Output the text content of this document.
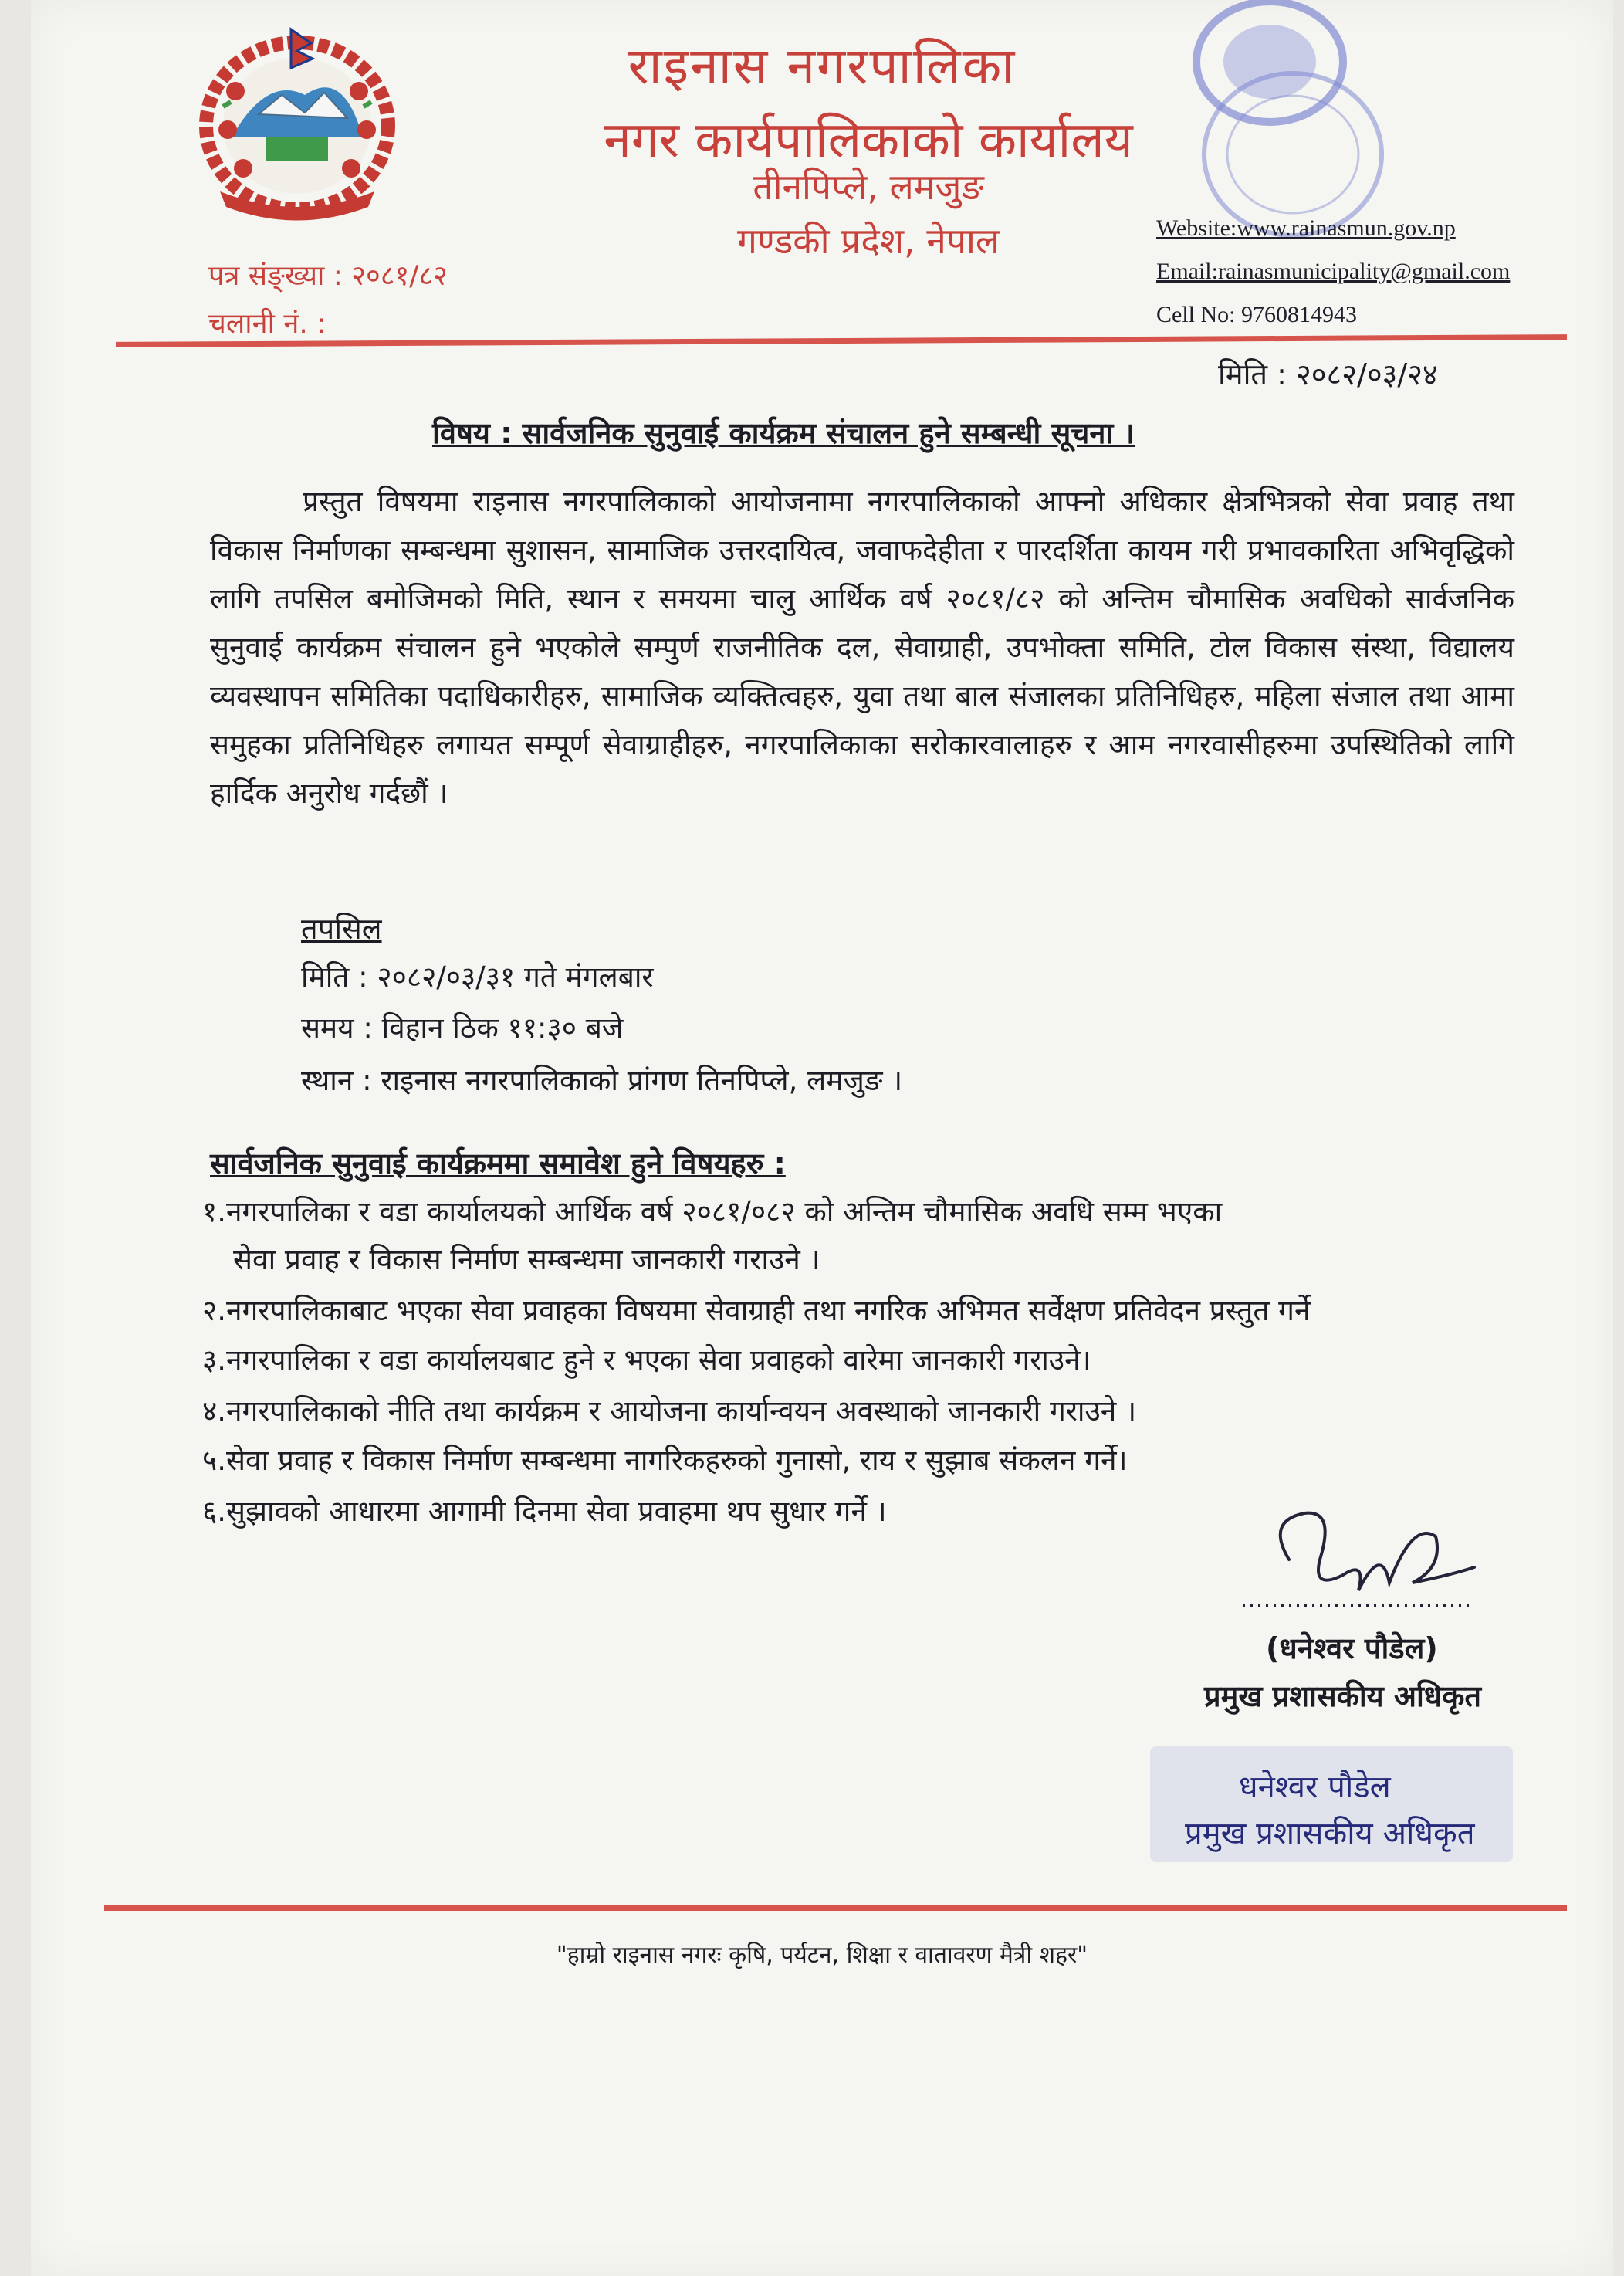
राइनास नगरपालिका
नगर कार्यपालिकाको कार्यालय
तीनपिप्ले, लमजुङ
गण्डकी प्रदेश, नेपाल
पत्र संङ्ख्या : २०८१/८२
चलानी नं. :
Website:www.rainasmun.gov.np
Email:rainasmunicipality@gmail.com
Cell No: 9760814943
मिति : २०८२/०३/२४
विषय : सार्वजनिक सुनुवाई कार्यक्रम संचालन हुने सम्बन्धी सूचना ।
प्रस्तुत विषयमा राइनास नगरपालिकाको आयोजनामा नगरपालिकाको आफ्नो अधिकार क्षेत्रभित्रको सेवा प्रवाह तथा विकास निर्माणका सम्बन्धमा सुशासन, सामाजिक उत्तरदायित्व, जवाफदेहीता र पारदर्शिता कायम गरी प्रभावकारिता अभिवृद्धिको लागि तपसिल बमोजिमको मिति, स्थान र समयमा चालु आर्थिक वर्ष २०८१/८२ को अन्तिम चौमासिक अवधिको सार्वजनिक सुनुवाई कार्यक्रम संचालन हुने भएकोले सम्पुर्ण राजनीतिक दल, सेवाग्राही, उपभोक्ता समिति, टोल विकास संस्था, विद्यालय व्यवस्थापन समितिका पदाधिकारीहरु, सामाजिक व्यक्तित्वहरु, युवा तथा बाल संजालका प्रतिनिधिहरु, महिला संजाल तथा आमा समुहका प्रतिनिधिहरु लगायत सम्पूर्ण सेवाग्राहीहरु, नगरपालिकाका सरोकारवालाहरु र आम नगरवासीहरुमा उपस्थितिको लागि हार्दिक अनुरोध गर्दछौं ।
तपसिल
मिति : २०८२/०३/३१ गते मंगलबार
समय : विहान ठिक ११:३० बजे
स्थान : राइनास नगरपालिकाको प्रांगण तिनपिप्ले, लमजुङ ।
सार्वजनिक सुनुवाई कार्यक्रममा समावेश हुने विषयहरु :
१.नगरपालिका र वडा कार्यालयको आर्थिक वर्ष २०८१/०८२ को अन्तिम चौमासिक अवधि सम्म भएका
सेवा प्रवाह र विकास निर्माण सम्बन्धमा जानकारी गराउने ।
२.नगरपालिकाबाट भएका सेवा प्रवाहका विषयमा सेवाग्राही तथा नगरिक अभिमत सर्वेक्षण प्रतिवेदन प्रस्तुत गर्ने
३.नगरपालिका र वडा कार्यालयबाट हुने र भएका सेवा प्रवाहको वारेमा जानकारी गराउने।
४.नगरपालिकाको नीति तथा कार्यक्रम र आयोजना कार्यान्वयन अवस्थाको जानकारी गराउने ।
५.सेवा प्रवाह र विकास निर्माण सम्बन्धमा नागरिकहरुको गुनासो, राय र सुझाब संकलन गर्ने।
६.सुझावको आधारमा आगामी दिनमा सेवा प्रवाहमा थप सुधार गर्ने ।
(धनेश्वर पौडेल)
प्रमुख प्रशासकीय अधिकृत
धनेश्वर पौडेल
प्रमुख प्रशासकीय अधिकृत
"हाम्रो राइनास नगरः कृषि, पर्यटन, शिक्षा र वातावरण मैत्री शहर"
